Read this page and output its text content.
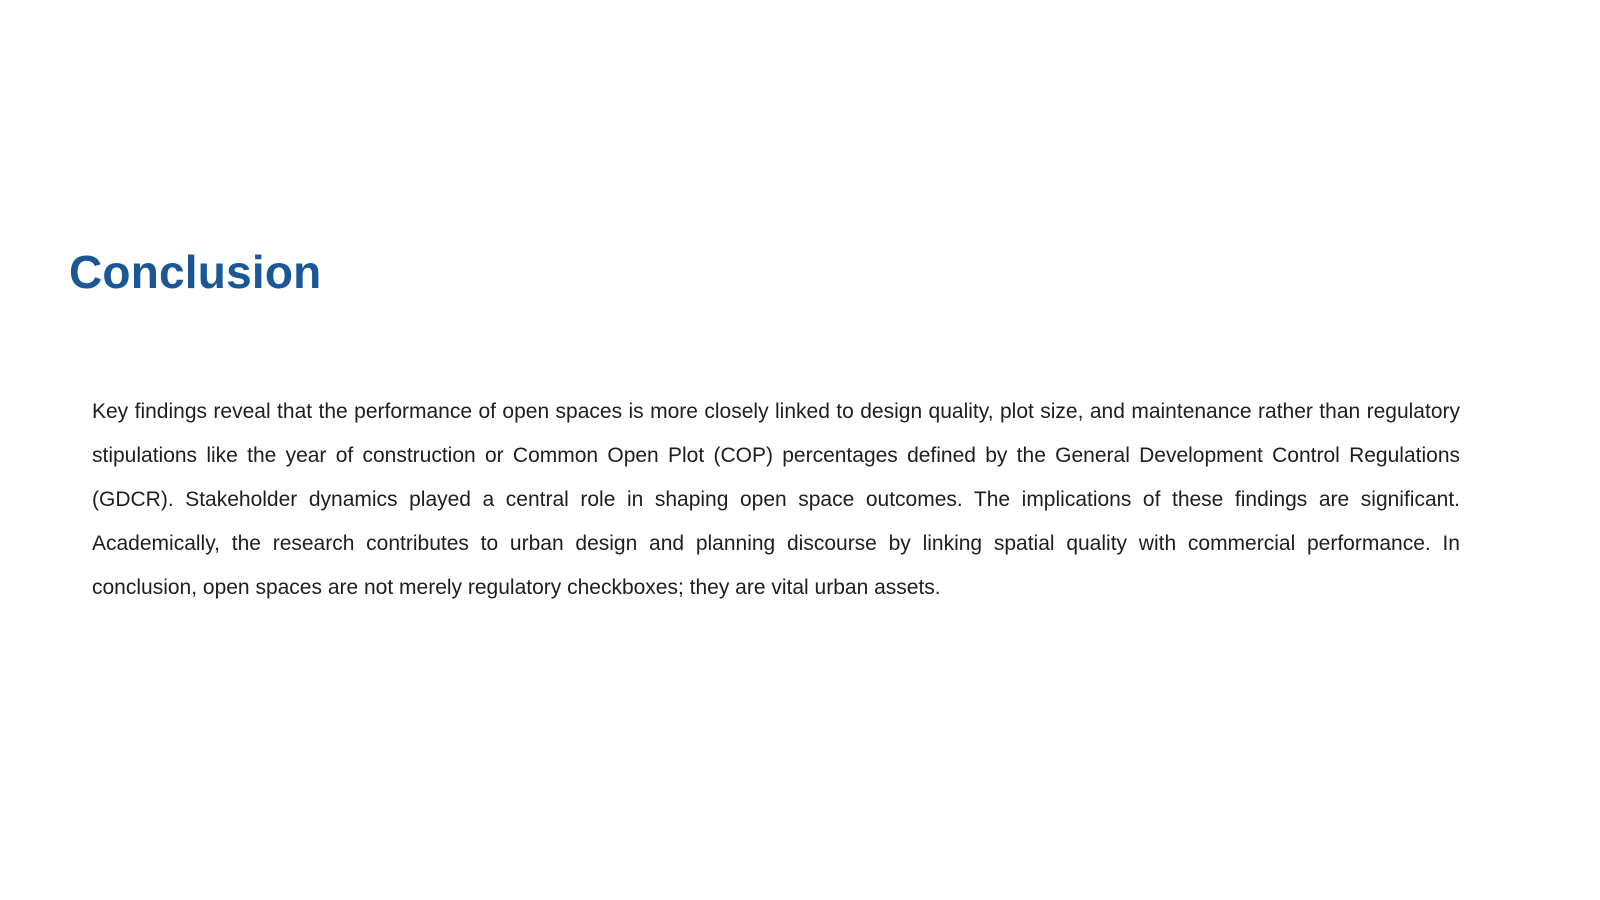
Conclusion

Key findings reveal that the performance of open spaces is more closely linked to design quality, plot size, and maintenance rather than regulatory stipulations like the year of construction or Common Open Plot (COP) percentages defined by the General Development Control Regulations (GDCR). Stakeholder dynamics played a central role in shaping open space outcomes. The implications of these findings are significant. Academically, the research contributes to urban design and planning discourse by linking spatial quality with commercial performance. In conclusion, open spaces are not merely regulatory checkboxes; they are vital urban assets.
